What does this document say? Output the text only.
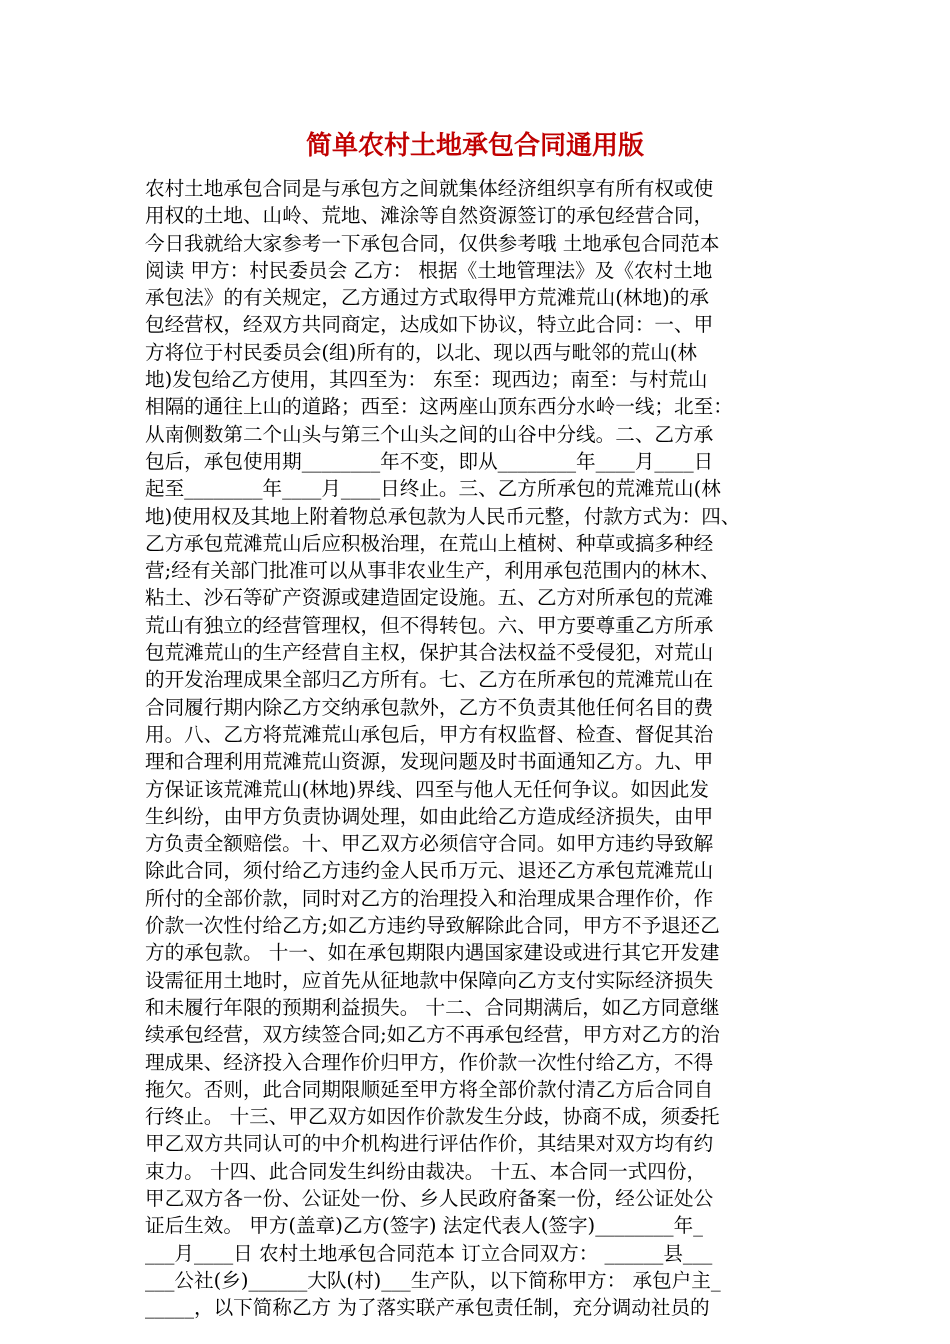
简单农村土地承包合同通用版
农村土地承包合同是与承包方之间就集体经济组织享有所有权或使
用权的土地、山岭、荒地、滩涂等自然资源签订的承包经营合同，
今日我就给大家参考一下承包合同，仅供参考哦 土地承包合同范本
阅读 甲方：村民委员会 乙方： 根据《土地管理法》及《农村土地
承包法》的有关规定，乙方通过方式取得甲方荒滩荒山(林地)的承
包经营权，经双方共同商定，达成如下协议，特立此合同：一、甲
方将位于村民委员会(组)所有的，以北、现以西与毗邻的荒山(林
地)发包给乙方使用，其四至为： 东至：现西边；南至：与村荒山
相隔的通往上山的道路；西至：这两座山顶东西分水岭一线；北至：
从南侧数第二个山头与第三个山头之间的山谷中分线。二、乙方承
包后，承包使用期________年不变，即从________年____月____日
起至________年____月____日终止。三、乙方所承包的荒滩荒山(林
地)使用权及其地上附着物总承包款为人民币元整，付款方式为：四、
乙方承包荒滩荒山后应积极治理，在荒山上植树、种草或搞多种经
营;经有关部门批准可以从事非农业生产，利用承包范围内的林木、
粘土、沙石等矿产资源或建造固定设施。五、乙方对所承包的荒滩
荒山有独立的经营管理权，但不得转包。六、甲方要尊重乙方所承
包荒滩荒山的生产经营自主权，保护其合法权益不受侵犯，对荒山
的开发治理成果全部归乙方所有。七、乙方在所承包的荒滩荒山在
合同履行期内除乙方交纳承包款外，乙方不负责其他任何名目的费
用。八、乙方将荒滩荒山承包后，甲方有权监督、检查、督促其治
理和合理利用荒滩荒山资源，发现问题及时书面通知乙方。九、甲
方保证该荒滩荒山(林地)界线、四至与他人无任何争议。如因此发
生纠纷，由甲方负责协调处理，如由此给乙方造成经济损失，由甲
方负责全额赔偿。十、甲乙双方必须信守合同。如甲方违约导致解
除此合同，须付给乙方违约金人民币万元、退还乙方承包荒滩荒山
所付的全部价款，同时对乙方的治理投入和治理成果合理作价，作
价款一次性付给乙方;如乙方违约导致解除此合同，甲方不予退还乙
方的承包款。 十一、如在承包期限内遇国家建设或进行其它开发建
设需征用土地时，应首先从征地款中保障向乙方支付实际经济损失
和未履行年限的预期利益损失。 十二、合同期满后，如乙方同意继
续承包经营，双方续签合同;如乙方不再承包经营，甲方对乙方的治
理成果、经济投入合理作价归甲方，作价款一次性付给乙方，不得
拖欠。否则，此合同期限顺延至甲方将全部价款付清乙方后合同自
行终止。 十三、甲乙双方如因作价款发生分歧，协商不成，须委托
甲乙双方共同认可的中介机构进行评估作价，其结果对双方均有约
束力。 十四、此合同发生纠纷由裁决。 十五、本合同一式四份，
甲乙双方各一份、公证处一份、乡人民政府备案一份，经公证处公
证后生效。 甲方(盖章)乙方(签字) 法定代表人(签字)________年_
___月____日 农村土地承包合同范本 订立合同双方： ______县___
___公社(乡)______大队(村)___生产队，以下简称甲方： 承包户主_
_____，以下简称乙方 为了落实联产承包责任制，充分调动社员的
